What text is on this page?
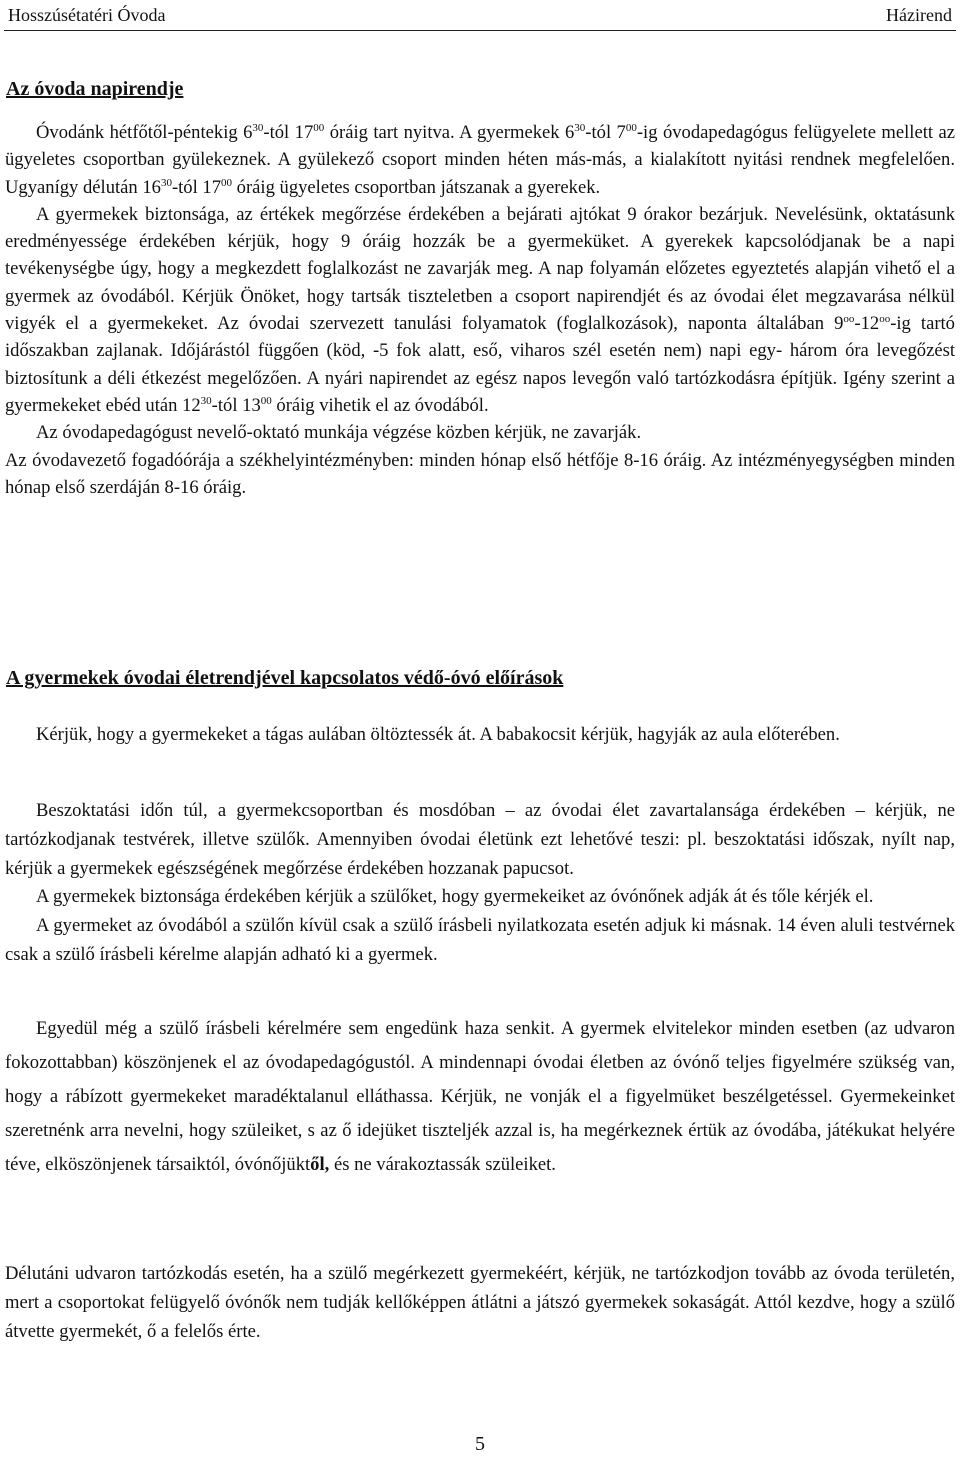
Hosszúsétatéri Óvoda	Házirend
Az óvoda napirendje

Óvodánk hétfőtől-péntekig $6^{30}$-tól $17^{00}$ óráig tart nyitva. A gyermekek $6^{30}$-tól $7^{00}-ig$ óvodapedagógus felügyelete mellett az ügyeletes csoportban gyülekeznek. A gyülekező csoport minden héten más-más, a kialakított nyitási rendnek megfelelően. Ugyanígy délután $16^{30}$-tól $17^{00}$ óráig ügyeletes csoportban játszanak a gyerekek.

A gyermekek biztonsága, az értékek megőrzése érdekében a bejárati ajtókat 9 órakor bezárjuk. Nevelésünk, oktatásunk eredményessége érdekében kérjük, hogy 9 óráig hozzák be a gyermeküket. A gyerekek kapcsolódjanak be a napi tevékenységbe úgy, hogy a megkezdett foglalkozást ne zavarják meg. A nap folyamán előzetes egyeztetés alapján vihető el a gyermek az óvodából. Kérjük Önöket, hogy tartsák tiszteletben a csoport napirendjét és az óvodai élet megzavarása nélkül vigyék el a gyermekeket. Az óvodai szervezett tanulási folyamatok (foglalkozások), naponta általában $9^{oo}-12^{oo}-ig$ tartó időszakban zajlanak. Időjárástól függően (köd, -5 fok alatt, eső, viharos szél esetén nem) napi egy- három óra levegőzést biztosítunk a déli étkezést megelőzően. A nyári napirendet az egész napos levegőn való tartózkodásra építjük. Igény szerint a gyermekeket ebéd után $12^{30}$-tól $13^{00}$ óráig vihetik el az óvodából.

Az óvodapedagógust nevelő-oktató munkája végzése közben kérjük, ne zavarják.

Az óvodavezető fogadóórája a székhelyintézményben: minden hónap első hétfője 8-16 óráig. Az intézményegységben minden hónap első szerdáján 8-16 óráig.

A gyermekek óvodai életrendjével kapcsolatos védő-óvó előírások

Kérjük, hogy a gyermekeket a tágas aulában öltöztessék át. A babakocsit kérjük, hagyják az aula előterében.

Beszoktatási időn túl, a gyermekcsoportban és mosdóban – az óvodai élet zavartalansága érdekében – kérjük, ne tartózkodjanak testvérek, illetve szülők. Amennyiben óvodai életünk ezt lehetővé teszi: pl. beszoktatási időszak, nyílt nap, kérjük a gyermekek egészségének megőrzése érdekében hozzanak papucsot.

A gyermekek biztonsága érdekében kérjük a szülőket, hogy gyermekeiket az óvónőnek adják át és tőle kérjék el.

A gyermeket az óvodából a szülőn kívül csak a szülő írásbeli nyilatkozata esetén adjuk ki másnak. 14 éven aluli testvérnek csak a szülő írásbeli kérelme alapján adható ki a gyermek.

Egyedül még a szülő írásbeli kérelmére sem engedünk haza senkit. A gyermek elvitelekor minden esetben (az udvaron fokozottabban) köszönjenek el az óvodapedagógustól. A mindennapi óvodai életben az óvónő teljes figyelmére szükség van, hogy a rábízott gyermekeket maradéktalanul elláthassa. Kérjük, ne vonják el a figyelmüket beszélgetéssel. Gyermekeinket szeretnénk arra nevelni, hogy szüleiket, s az ő idejüket tiszteljék azzal is, ha megérkeznek értük az óvodába, játékukat helyére téve, elköszönjenek társaiktól, óvónőjüktől, és ne várakoztassák szüleiket.

Délutáni udvaron tartózkodás esetén, ha a szülő megérkezett gyermekéért, kérjük, ne tartózkodjon tovább az óvoda területén, mert a csoportokat felügyelő óvónők nem tudják kellőképpen átlátni a játszó gyermekek sokaságát. Attól kezdve, hogy a szülő átvette gyermekét, ő a felelős érte.

5
